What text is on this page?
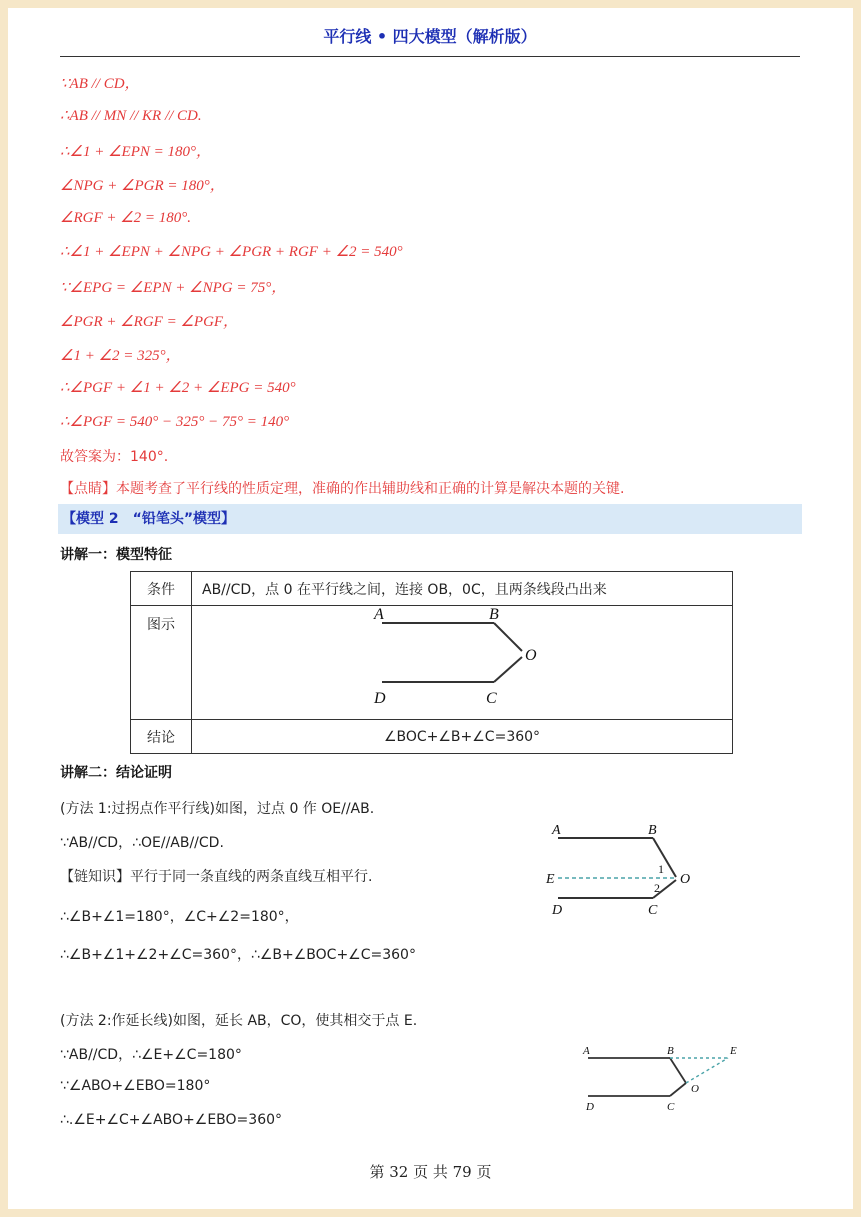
平行线 • 四大模型（解析版）
∵AB // CD，
∴AB // MN // KR // CD.
∴∠1 + ∠EPN = 180°，
∠NPG + ∠PGR = 180°，
∠RGF + ∠2 = 180°.
∴∠1 + ∠EPN + ∠NPG + ∠PGR + RGF + ∠2 = 540°
∵∠EPG = ∠EPN + ∠NPG = 75°，
∠PGR + ∠RGF = ∠PGF，
∠1 + ∠2 = 325°，
∴∠PGF + ∠1 + ∠2 + ∠EPG = 540°
∴∠PGF = 540° − 325° − 75° = 140°
故答案为：140°.
【点睛】本题考查了平行线的性质定理，准确的作出辅助线和正确的计算是解决本题的关键.
【模型 2　“铅笔头”模型】
讲解一：模型特征
条件	AB//CD，点 0 在平行线之间，连接 OB，0C，且两条线段凸出来
图示	A B
O
D C

结论	∠BOC+∠B+∠C=360°
讲解二：结论证明
(方法 1:过拐点作平行线)如图，过点 0 作 OE//AB.
∵AB//CD，∴OE//AB//CD.
【链知识】平行于同一条直线的两条直线互相平行.
∴∠B+∠1=180°，∠C+∠2=180°，
∴∠B+∠1+∠2+∠C=360°，∴∠B+∠BOC+∠C=360°
A	B
E
1
2
O
D	C
(方法 2:作延长线)如图，延长 AB，CO，使其相交于点 E.
∵AB//CD，∴∠E+∠C=180°
∵∠ABO+∠EBO=180°
∴.∠E+∠C+∠ABO+∠EBO=360°
A	B	E
O
D	C
第 32 页 共 79 页
